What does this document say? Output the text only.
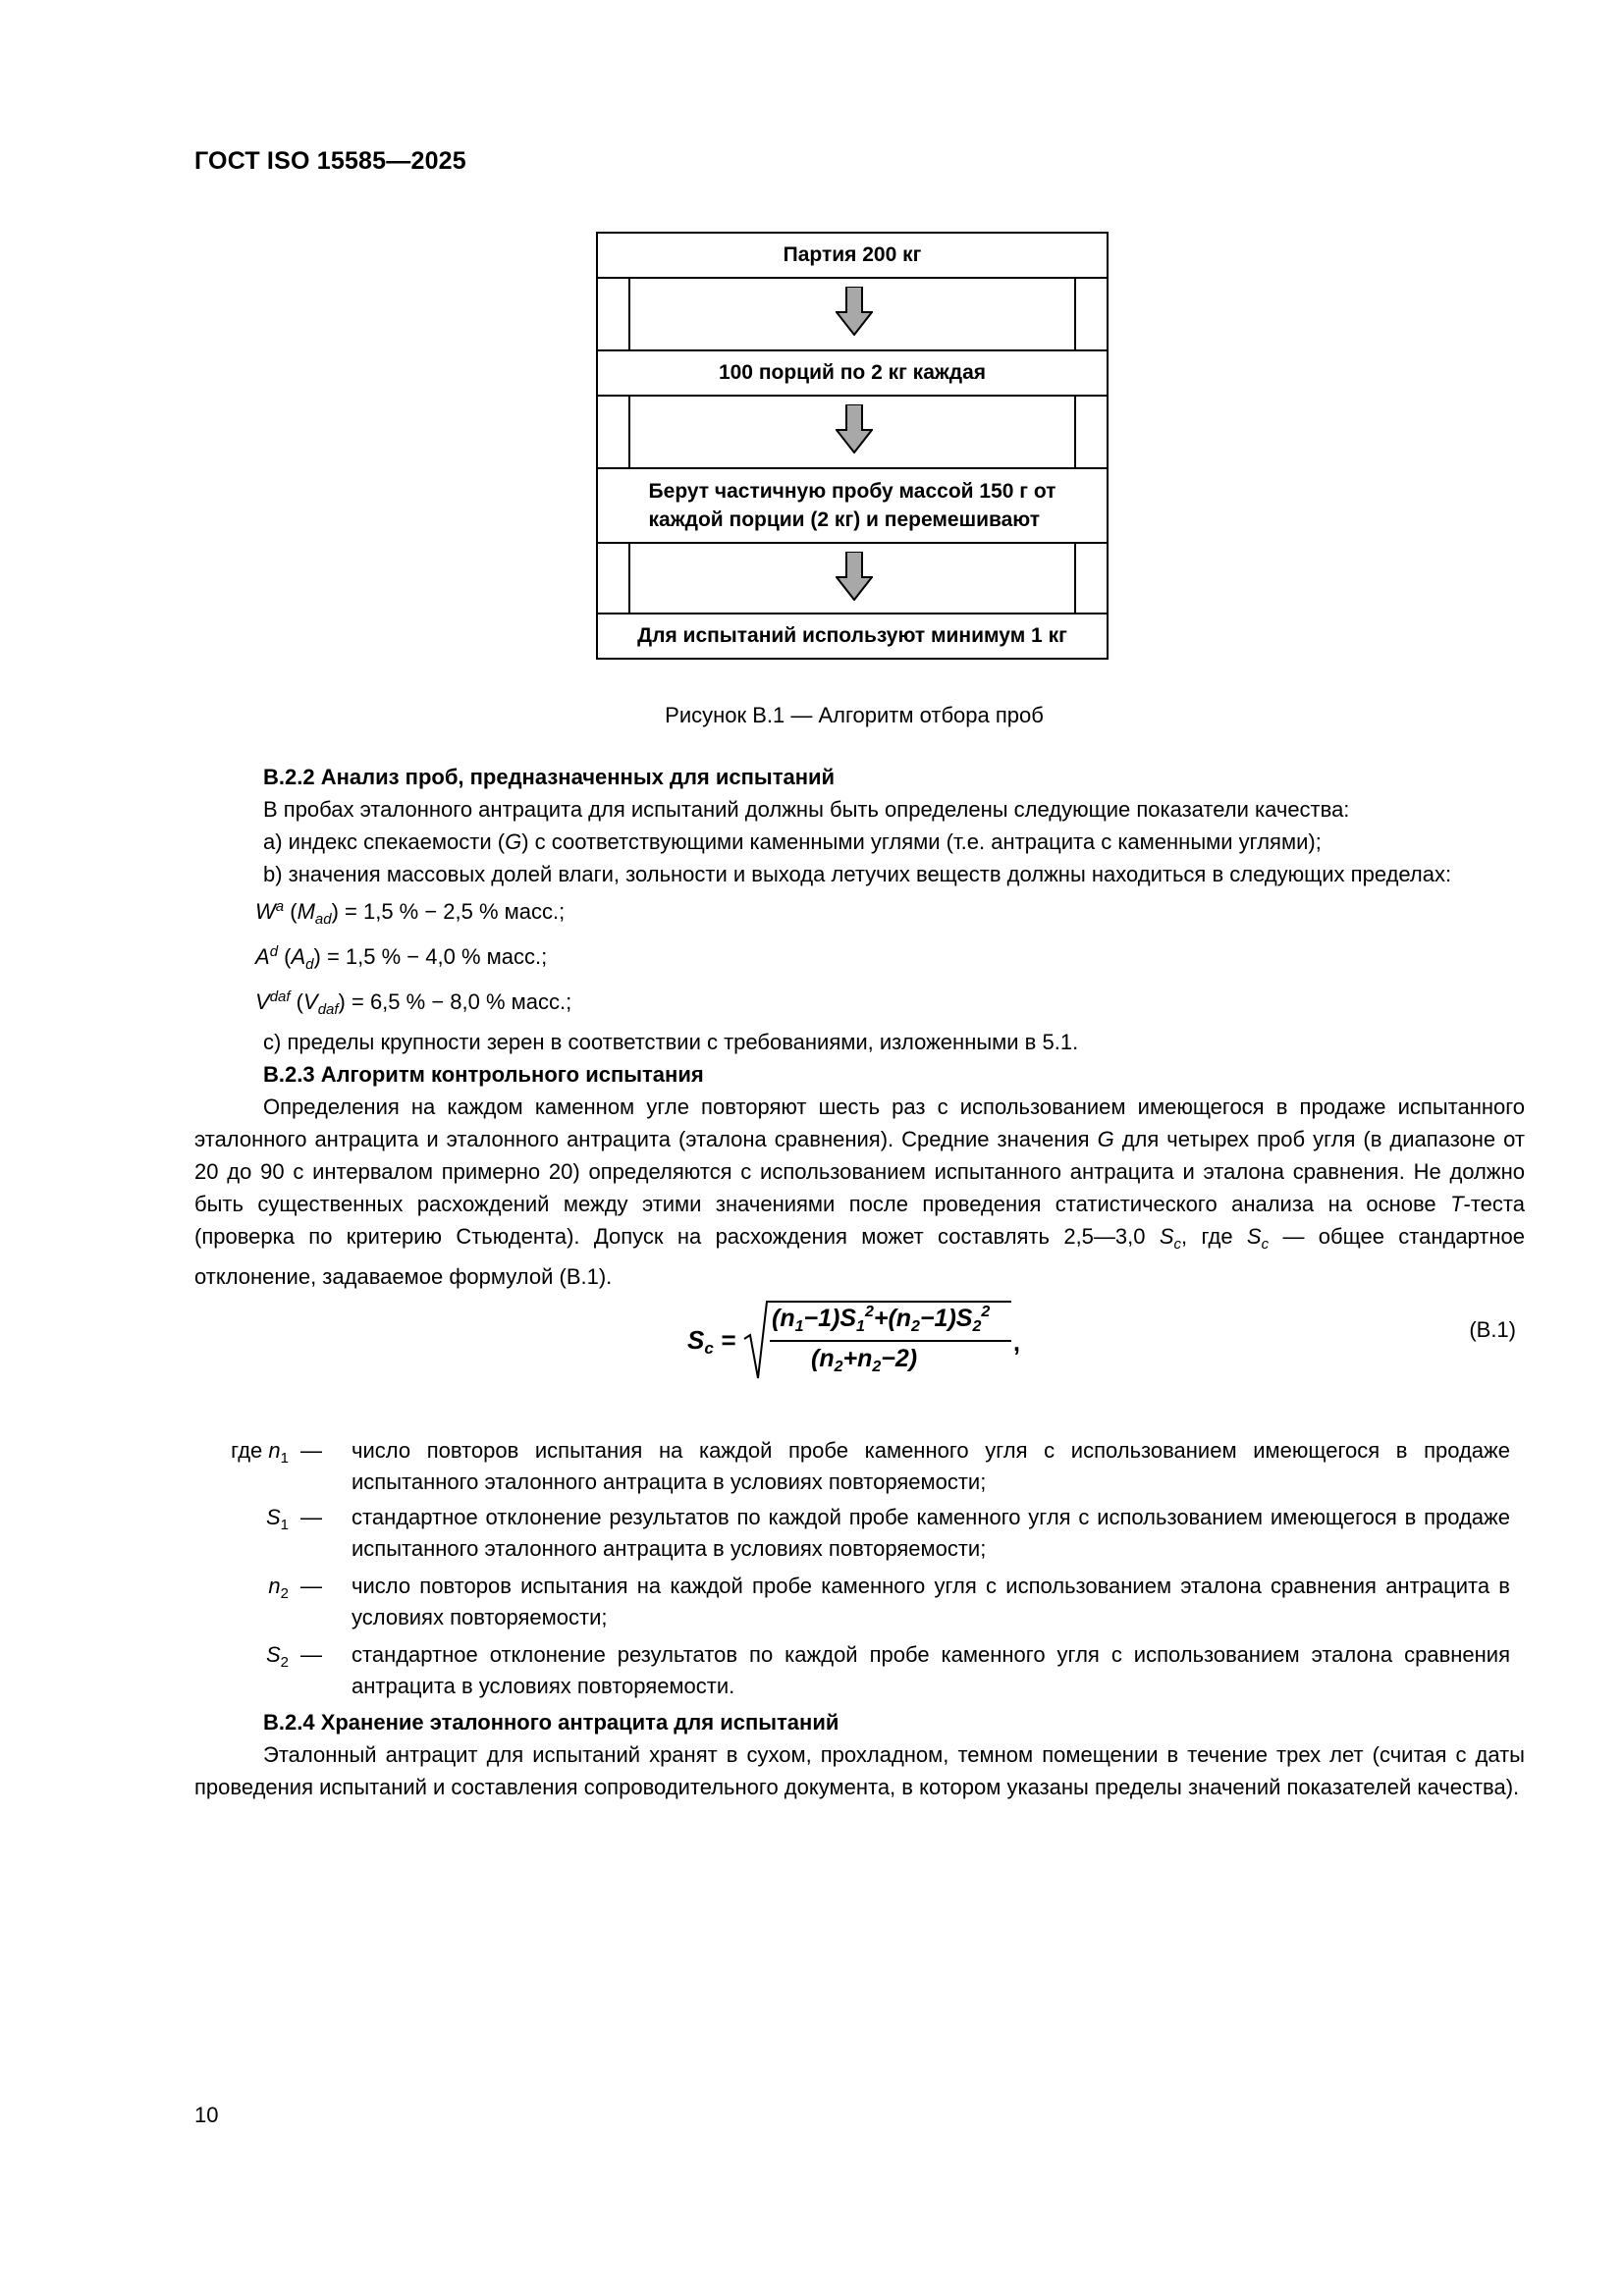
ГОСТ ISO 15585—2025
Партия 200 кг
100 порций по 2 кг каждая
Берут частичную пробу массой 150 г от
каждой порции (2 кг) и перемешивают
Для испытаний используют минимум 1 кг
Рисунок В.1 — Алгоритм отбора проб
В.2.2 Анализ проб, предназначенных для испытаний
В пробах эталонного антрацита для испытаний должны быть определены следующие показатели качества:
a) индекс спекаемости (G) с соответствующими каменными углями (т.е. антрацита с каменными углями);
b) значения массовых долей влаги, зольности и выхода летучих веществ должны находиться в следующих пределах:
$W^a$ $(M_{ad}) = 1,5$ % − 2,5 % масс.;
$A^d$ $(A_d) = 1,5$ % − 4,0 % масс.;
$V^{daf}$ $(V_{daf}) = 6,5$ % − 8,0 % масс.;
c) пределы крупности зерен в соответствии с требованиями, изложенными в 5.1.
В.2.3 Алгоритм контрольного испытания
Определения на каждом каменном угле повторяют шесть раз с использованием имеющегося в продаже испытанного эталонного антрацита и эталонного антрацита (эталона сравнения). Средние значения G для четырех проб угля (в диапазоне от 20 до 90 с интервалом примерно 20) определяются с использованием испытанного антрацита и эталона сравнения. Не должно быть существенных расхождений между этими значениями после проведения статистического анализа на основе T-теста (проверка по критерию Стьюдента). Допуск на расхождения может составлять 2,5—3,0 $S_c$, где $S_c$ — общее стандартное отклонение, задаваемое формулой (В.1).
$S_c$ =
$(n_1-1)S_1^2+(n_2-1)S_2^2$
$(n_2+n_2-2)$
,	(В.1)
где $n_1$ — число повторов испытания на каждой пробе каменного угля с использованием имеющегося в продаже испытанного эталонного антрацита в условиях повторяемости;
$S_1$ — стандартное отклонение результатов по каждой пробе каменного угля с использованием имеющегося в продаже испытанного эталонного антрацита в условиях повторяемости;
$n_2$ — число повторов испытания на каждой пробе каменного угля с использованием эталона сравнения антрацита в условиях повторяемости;
$S_2$ — стандартное отклонение результатов по каждой пробе каменного угля с использованием эталона сравнения антрацита в условиях повторяемости.
В.2.4 Хранение эталонного антрацита для испытаний
Эталонный антрацит для испытаний хранят в сухом, прохладном, темном помещении в течение трех лет (считая с даты проведения испытаний и составления сопроводительного документа, в котором указаны пределы значений показателей качества).
10
